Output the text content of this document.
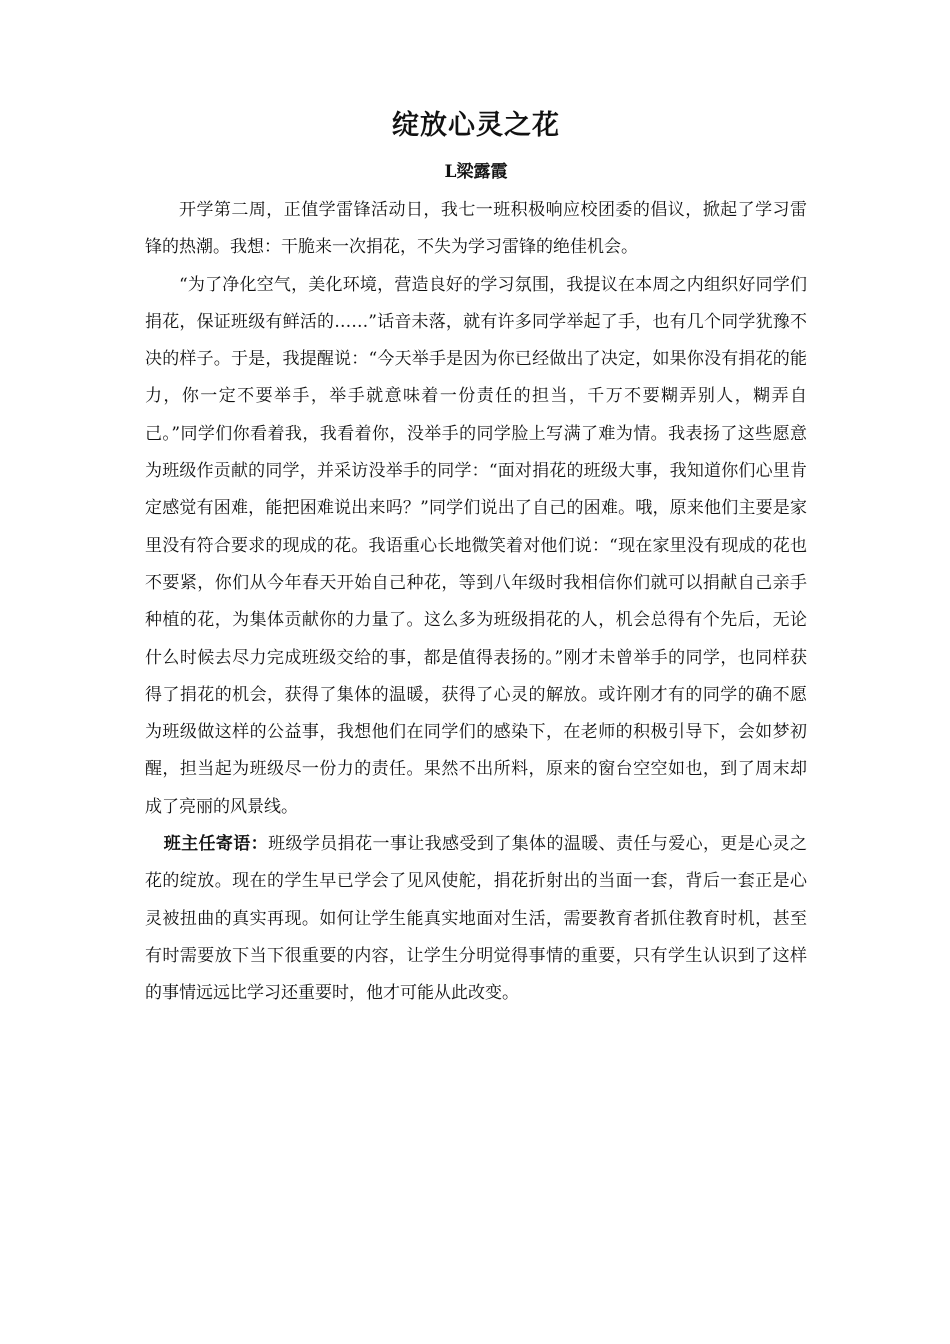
绽放心灵之花
L梁露霞

开学第二周，正值学雷锋活动日，我七一班积极响应校团委的倡议，掀起了学习雷锋的热潮。我想：干脆来一次捐花，不失为学习雷锋的绝佳机会。

“为了净化空气，美化环境，营造良好的学习氛围，我提议在本周之内组织好同学们捐花，保证班级有鲜活的……”话音未落，就有许多同学举起了手，也有几个同学犹豫不决的样子。于是，我提醒说：“今天举手是因为你已经做出了决定，如果你没有捐花的能力，你一定不要举手，举手就意味着一份责任的担当，千万不要糊弄别人，糊弄自己。”同学们你看着我，我看着你，没举手的同学脸上写满了难为情。我表扬了这些愿意为班级作贡献的同学，并采访没举手的同学：“面对捐花的班级大事，我知道你们心里肯定感觉有困难，能把困难说出来吗？”同学们说出了自己的困难。哦，原来他们主要是家里没有符合要求的现成的花。我语重心长地微笑着对他们说：“现在家里没有现成的花也不要紧，你们从今年春天开始自己种花，等到八年级时我相信你们就可以捐献自己亲手种植的花，为集体贡献你的力量了。这么多为班级捐花的人，机会总得有个先后，无论什么时候去尽力完成班级交给的事，都是值得表扬的。”刚才未曾举手的同学，也同样获得了捐花的机会，获得了集体的温暖，获得了心灵的解放。或许刚才有的同学的确不愿为班级做这样的公益事，我想他们在同学们的感染下，在老师的积极引导下，会如梦初醒，担当起为班级尽一份力的责任。果然不出所料，原来的窗台空空如也，到了周末却成了亮丽的风景线。

班主任寄语：班级学员捐花一事让我感受到了集体的温暖、责任与爱心，更是心灵之花的绽放。现在的学生早已学会了见风使舵，捐花折射出的当面一套，背后一套正是心灵被扭曲的真实再现。如何让学生能真实地面对生活，需要教育者抓住教育时机，甚至有时需要放下当下很重要的内容，让学生分明觉得事情的重要，只有学生认识到了这样的事情远远比学习还重要时，他才可能从此改变。
